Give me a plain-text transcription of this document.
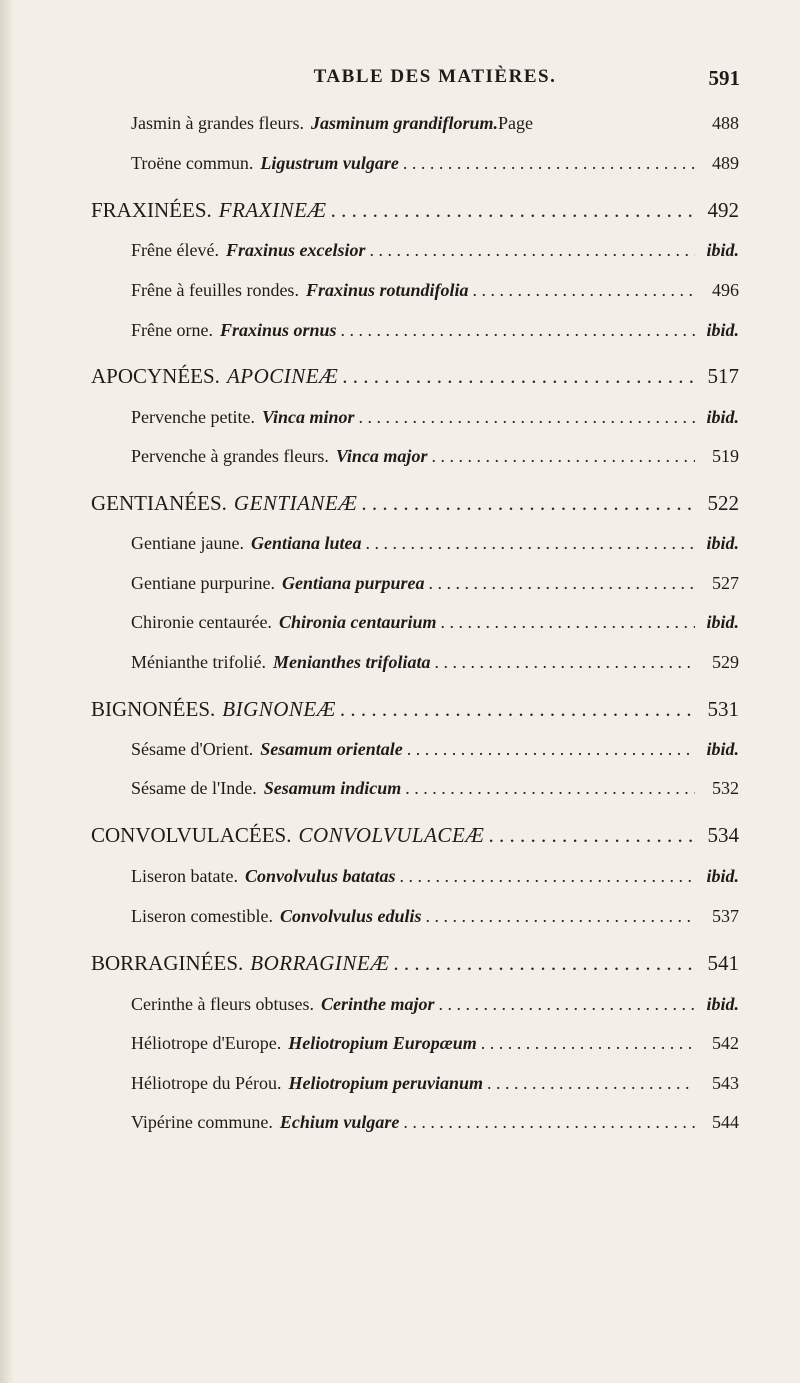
TABLE DES MATIÈRES.	591
Jasmin à grandes fleurs. Jasminum grandiflorum. Page	488
Troëne commun. Ligustrum vulgare . . .	489
FRAXINÉES. FRAXINEÆ . . .	492
Frêne élevé. Fraxinus excelsior . . .	ibid.
Frêne à feuilles rondes. Fraxinus rotundifolia . . .	496
Frêne orne. Fraxinus ornus . . .	ibid.
APOCYNÉES. APOCINEÆ . . .	517
Pervenche petite. Vinca minor . . .	ibid.
Pervenche à grandes fleurs. Vinca major . . .	519
GENTIANÉES. GENTIANEÆ . . .	522
Gentiane jaune. Gentiana lutea . . .	ibid.
Gentiane purpurine. Gentiana purpurea . . .	527
Chironie centaurée. Chironia centaurium . . .	ibid.
Ménianthe trifolié. Menianthes trifoliata . . .	529
BIGNONÉES. BIGNONEÆ . . .	531
Sésame d'Orient. Sesamum orientale . . .	ibid.
Sésame de l'Inde. Sesamum indicum . . .	532
CONVOLVULACÉES. CONVOLVULACEÆ . . .	534
Liseron batate. Convolvulus batatas . . .	ibid.
Liseron comestible. Convolvulus edulis . . .	537
BORRAGINÉES. BORRAGINEÆ . . .	541
Cerinthe à fleurs obtuses. Cerinthe major . . .	ibid.
Héliotrope d'Europe. Heliotropium Europæum . . .	542
Héliotrope du Pérou. Heliotropium peruvianum . . .	543
Vipérine commune. Echium vulgare . . .	544
